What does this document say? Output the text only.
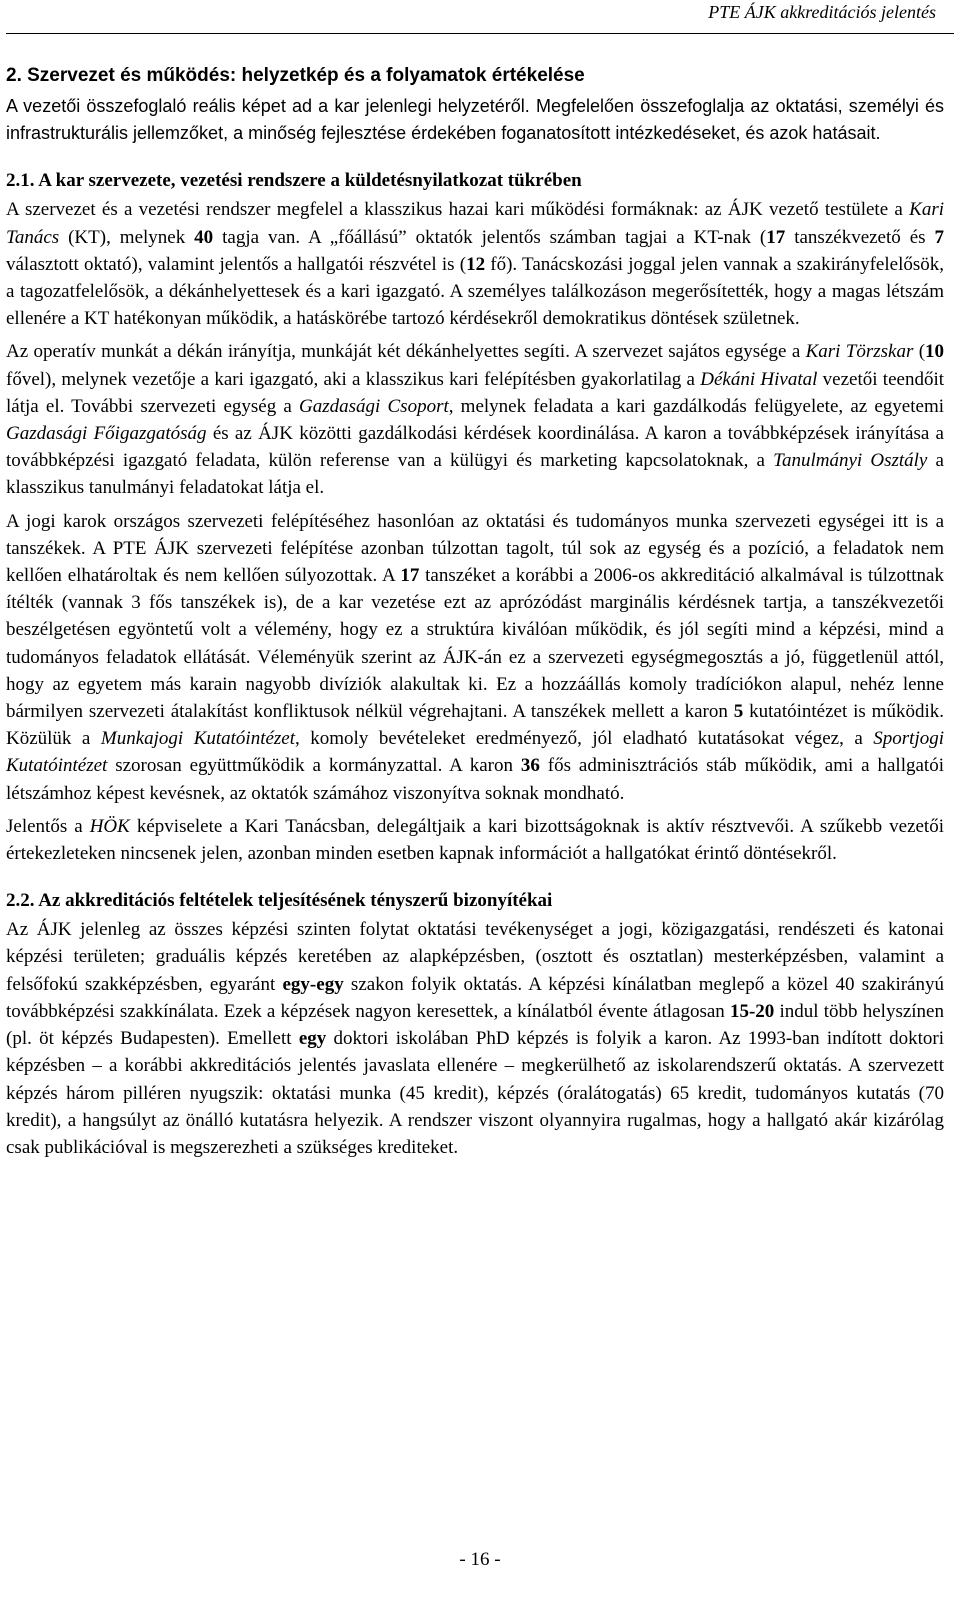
PTE ÁJK akkreditációs jelentés
2. Szervezet és működés: helyzetkép és a folyamatok értékelése

A vezetői összefoglaló reális képet ad a kar jelenlegi helyzetéről. Megfelelően összefoglalja az oktatási, személyi és infrastrukturális jellemzőket, a minőség fejlesztése érdekében foganatosított intézkedéseket, és azok hatásait.

2.1. A kar szervezete, vezetési rendszere a küldetésnyilatkozat tükrében

A szervezet és a vezetési rendszer megfelel a klasszikus hazai kari működési formáknak: az ÁJK vezető testülete a Kari Tanács (KT), melynek 40 tagja van. A „főállású” oktatók jelentős számban tagjai a KT-nak (17 tanszékvezető és 7 választott oktató), valamint jelentős a hallgatói részvétel is (12 fő). Tanácskozási joggal jelen vannak a szakirányfelelősök, a tagozatfelelősök, a dékánhelyettesek és a kari igazgató. A személyes találkozáson megerősítették, hogy a magas létszám ellenére a KT hatékonyan működik, a hatáskörébe tartozó kérdésekről demokratikus döntések születnek.

Az operatív munkát a dékán irányítja, munkáját két dékánhelyettes segíti. A szervezet sajátos egysége a Kari Törzskar (10 fővel), melynek vezetője a kari igazgató, aki a klasszikus kari felépítésben gyakorlatilag a Dékáni Hivatal vezetői teendőit látja el. További szervezeti egység a Gazdasági Csoport, melynek feladata a kari gazdálkodás felügyelete, az egyetemi Gazdasági Főigazgatóság és az ÁJK közötti gazdálkodási kérdések koordinálása. A karon a továbbképzések irányítása a továbbképzési igazgató feladata, külön referense van a külügyi és marketing kapcsolatoknak, a Tanulmányi Osztály a klasszikus tanulmányi feladatokat látja el.

A jogi karok országos szervezeti felépítéséhez hasonlóan az oktatási és tudományos munka szervezeti egységei itt is a tanszékek. A PTE ÁJK szervezeti felépítése azonban túlzottan tagolt, túl sok az egység és a pozíció, a feladatok nem kellően elhatároltak és nem kellően súlyozottak. A 17 tanszéket a korábbi a 2006-os akkreditáció alkalmával is túlzottnak ítélték (vannak 3 fős tanszékek is), de a kar vezetése ezt az aprózódást marginális kérdésnek tartja, a tanszékvezetői beszélgetésen egyöntetű volt a vélemény, hogy ez a struktúra kiválóan működik, és jól segíti mind a képzési, mind a tudományos feladatok ellátását. Véleményük szerint az ÁJK-án ez a szervezeti egységmegosztás a jó, függetlenül attól, hogy az egyetem más karain nagyobb divíziók alakultak ki. Ez a hozzáállás komoly tradíciókon alapul, nehéz lenne bármilyen szervezeti átalakítást konfliktusok nélkül végrehajtani. A tanszékek mellett a karon 5 kutatóintézet is működik. Közülük a Munkajogi Kutatóintézet, komoly bevételeket eredményező, jól eladható kutatásokat végez, a Sportjogi Kutatóintézet szorosan együttműködik a kormányzattal. A karon 36 fős adminisztrációs stáb működik, ami a hallgatói létszámhoz képest kevésnek, az oktatók számához viszonyítva soknak mondható.

Jelentős a HÖK képviselete a Kari Tanácsban, delegáltjaik a kari bizottságoknak is aktív résztvevői. A szűkebb vezetői értekezleteken nincsenek jelen, azonban minden esetben kapnak információt a hallgatókat érintő döntésekről.

2.2. Az akkreditációs feltételek teljesítésének tényszerű bizonyítékai

Az ÁJK jelenleg az összes képzési szinten folytat oktatási tevékenységet a jogi, közigazgatási, rendészeti és katonai képzési területen; graduális képzés keretében az alapképzésben, (osztott és osztatlan) mesterképzésben, valamint a felsőfokú szakképzésben, egyaránt egy-egy szakon folyik oktatás. A képzési kínálatban meglepő a közel 40 szakirányú továbbképzési szakkínálata. Ezek a képzések nagyon keresettek, a kínálatból évente átlagosan 15-20 indul több helyszínen (pl. öt képzés Budapesten). Emellett egy doktori iskolában PhD képzés is folyik a karon. Az 1993-ban indított doktori képzésben – a korábbi akkreditációs jelentés javaslata ellenére – megkerülhető az iskolarendszerű oktatás. A szervezett képzés három pilléren nyugszik: oktatási munka (45 kredit), képzés (óralátogatás) 65 kredit, tudományos kutatás (70 kredit), a hangsúlyt az önálló kutatásra helyezik. A rendszer viszont olyannyira rugalmas, hogy a hallgató akár kizárólag csak publikációval is megszerezheti a szükséges krediteket.

- 16 -
